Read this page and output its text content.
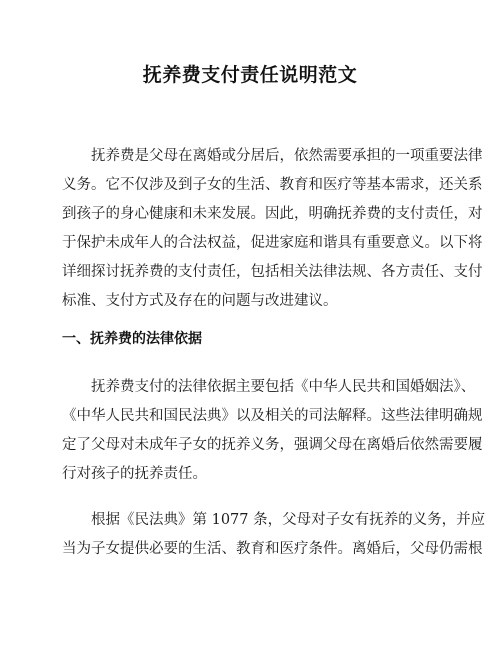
抚养费支付责任说明范文
抚养费是父母在离婚或分居后，依然需要承担的一项重要法律
义务。它不仅涉及到子女的生活、教育和医疗等基本需求，还关系
到孩子的身心健康和未来发展。因此，明确抚养费的支付责任，对
于保护未成年人的合法权益，促进家庭和谐具有重要意义。以下将
详细探讨抚养费的支付责任，包括相关法律法规、各方责任、支付
标准、支付方式及存在的问题与改进建议。
一、抚养费的法律依据
抚养费支付的法律依据主要包括《中华人民共和国婚姻法》、
《中华人民共和国民法典》以及相关的司法解释。这些法律明确规
定了父母对未成年子女的抚养义务，强调父母在离婚后依然需要履
行对孩子的抚养责任。
根据《民法典》第 1077 条，父母对子女有抚养的义务，并应
当为子女提供必要的生活、教育和医疗条件。离婚后，父母仍需根
